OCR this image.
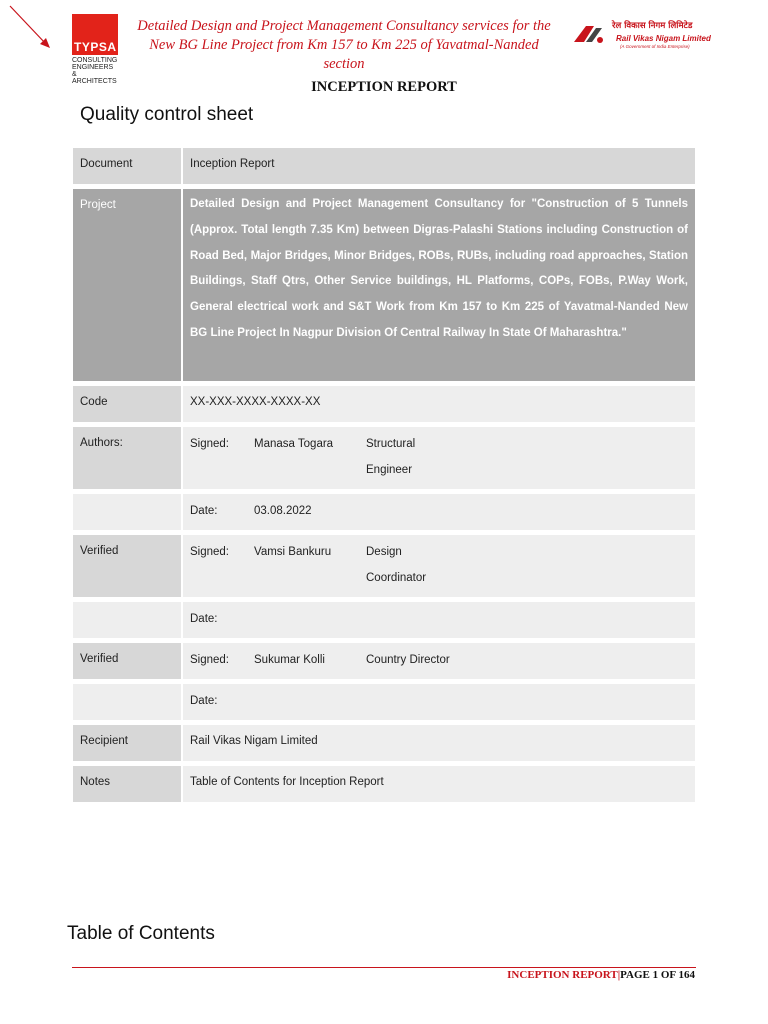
TYPSA
CONSULTING
ENGINEERS
& ARCHITECTS
Detailed Design and Project Management Consultancy services for the
New BG Line Project from Km 157 to Km 225 of Yavatmal-Nanded
section
रेल विकास निगम लिमिटेड
Rail Vikas Nigam Limited
(A Government of India Enterprise)
INCEPTION REPORT
Quality control sheet
Document	Inception Report
Project	Detailed Design and Project Management Consultancy for "Construction of 5 Tunnels (Approx. Total length 7.35 Km) between Digras-Palashi Stations including Construction of Road Bed, Major Bridges, Minor Bridges, ROBs, RUBs, including road approaches, Station Buildings, Staff Qtrs, Other Service buildings, HL Platforms, COPs, FOBs, P.Way Work, General electrical work and S&T Work from Km 157 to Km 225 of Yavatmal-Nanded New BG Line Project In Nagpur Division Of Central Railway In State Of Maharashtra."
Code	XX-XXX-XXXX-XXXX-XX
Authors:	Signed:	Manasa Togara	Structural
Engineer
Date:	03.08.2022
Verified	Signed:	Vamsi Bankuru	Design
Coordinator
Date:
Verified	Signed:	Sukumar Kolli	Country Director
Date:
Recipient	Rail Vikas Nigam Limited
Notes	Table of Contents for Inception Report
Table of Contents
INCEPTION REPORT|PAGE 1 OF 164
